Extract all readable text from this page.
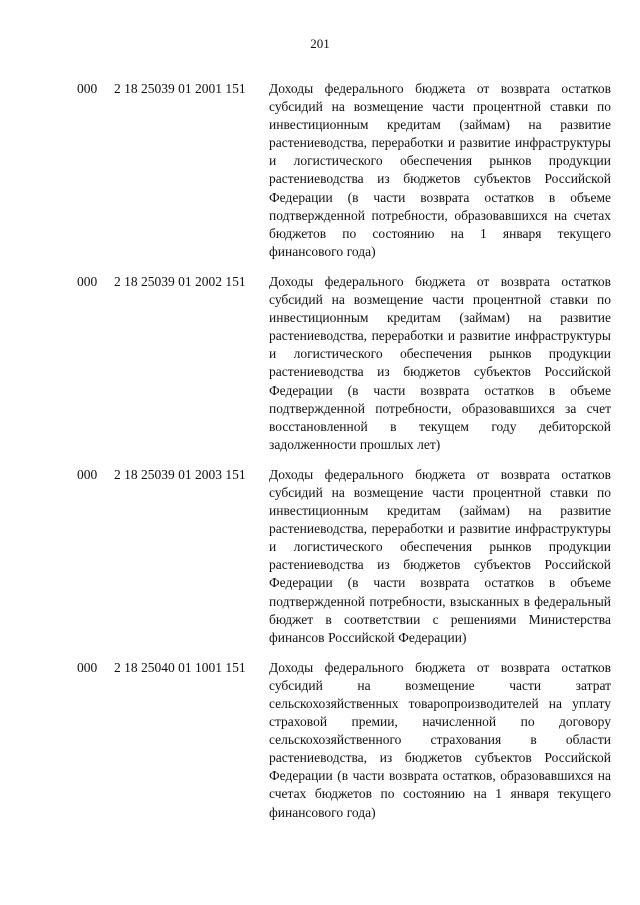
201
000	2 18 25039 01 2001 151	Доходы федерального бюджета от возврата остатков субсидий на возмещение части процентной ставки по инвестиционным кредитам (займам) на развитие растениеводства, переработки и развитие инфраструктуры и логистического обеспечения рынков продукции растениеводства из бюджетов субъектов Российской Федерации (в части возврата остатков в объеме подтвержденной потребности, образовавшихся на счетах бюджетов по состоянию на 1 января текущего финансового года)
000	2 18 25039 01 2002 151	Доходы федерального бюджета от возврата остатков субсидий на возмещение части процентной ставки по инвестиционным кредитам (займам) на развитие растениеводства, переработки и развитие инфраструктуры и логистического обеспечения рынков продукции растениеводства из бюджетов субъектов Российской Федерации (в части возврата остатков в объеме подтвержденной потребности, образовавшихся за счет восстановленной в текущем году дебиторской задолженности прошлых лет)
000	2 18 25039 01 2003 151	Доходы федерального бюджета от возврата остатков субсидий на возмещение части процентной ставки по инвестиционным кредитам (займам) на развитие растениеводства, переработки и развитие инфраструктуры и логистического обеспечения рынков продукции растениеводства из бюджетов субъектов Российской Федерации (в части возврата остатков в объеме подтвержденной потребности, взысканных в федеральный бюджет в соответствии с решениями Министерства финансов Российской Федерации)
000	2 18 25040 01 1001 151	Доходы федерального бюджета от возврата остатков субсидий на возмещение части затрат сельскохозяйственных товаропроизводителей на уплату страховой премии, начисленной по договору сельскохозяйственного страхования в области растениеводства, из бюджетов субъектов Российской Федерации (в части возврата остатков, образовавшихся на счетах бюджетов по состоянию на 1 января текущего финансового года)
